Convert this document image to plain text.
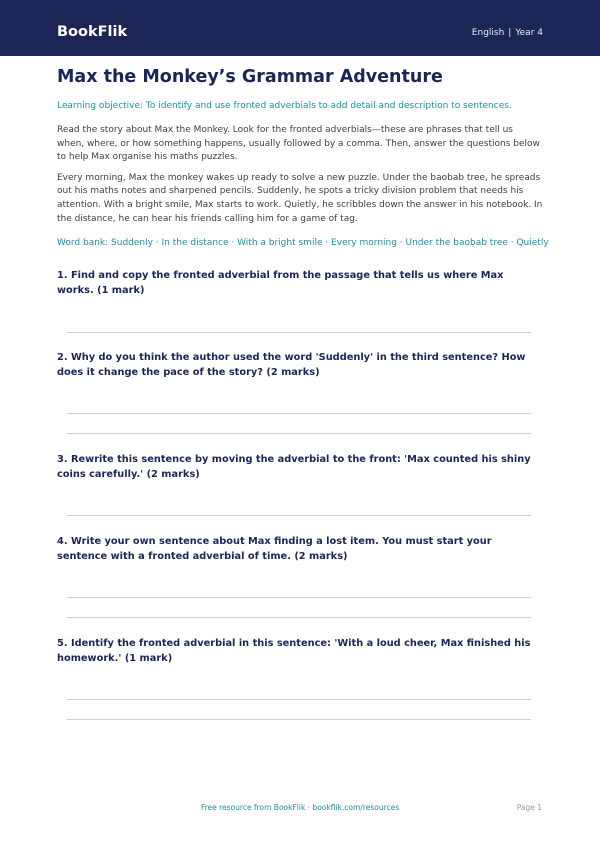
BookFlik	English | Year 4
Max the Monkey’s Grammar Adventure

Learning objective: To identify and use fronted adverbials to add detail and description to sentences.

Read the story about Max the Monkey. Look for the fronted adverbials—these are phrases that tell us when, where, or how something happens, usually followed by a comma. Then, answer the questions below to help Max organise his maths puzzles.

Every morning, Max the monkey wakes up ready to solve a new puzzle. Under the baobab tree, he spreads out his maths notes and sharpened pencils. Suddenly, he spots a tricky division problem that needs his attention. With a bright smile, Max starts to work. Quietly, he scribbles down the answer in his notebook. In the distance, he can hear his friends calling him for a game of tag.

Word bank: Suddenly · In the distance · With a bright smile · Every morning · Under the baobab tree · Quietly

1. Find and copy the fronted adverbial from the passage that tells us where Max works. (1 mark)

2. Why do you think the author used the word 'Suddenly' in the third sentence? How does it change the pace of the story? (2 marks)

3. Rewrite this sentence by moving the adverbial to the front: 'Max counted his shiny coins carefully.' (2 marks)

4. Write your own sentence about Max finding a lost item. You must start your sentence with a fronted adverbial of time. (2 marks)

5. Identify the fronted adverbial in this sentence: 'With a loud cheer, Max finished his homework.' (1 mark)

Free resource from BookFlik · bookflik.com/resources	Page 1
